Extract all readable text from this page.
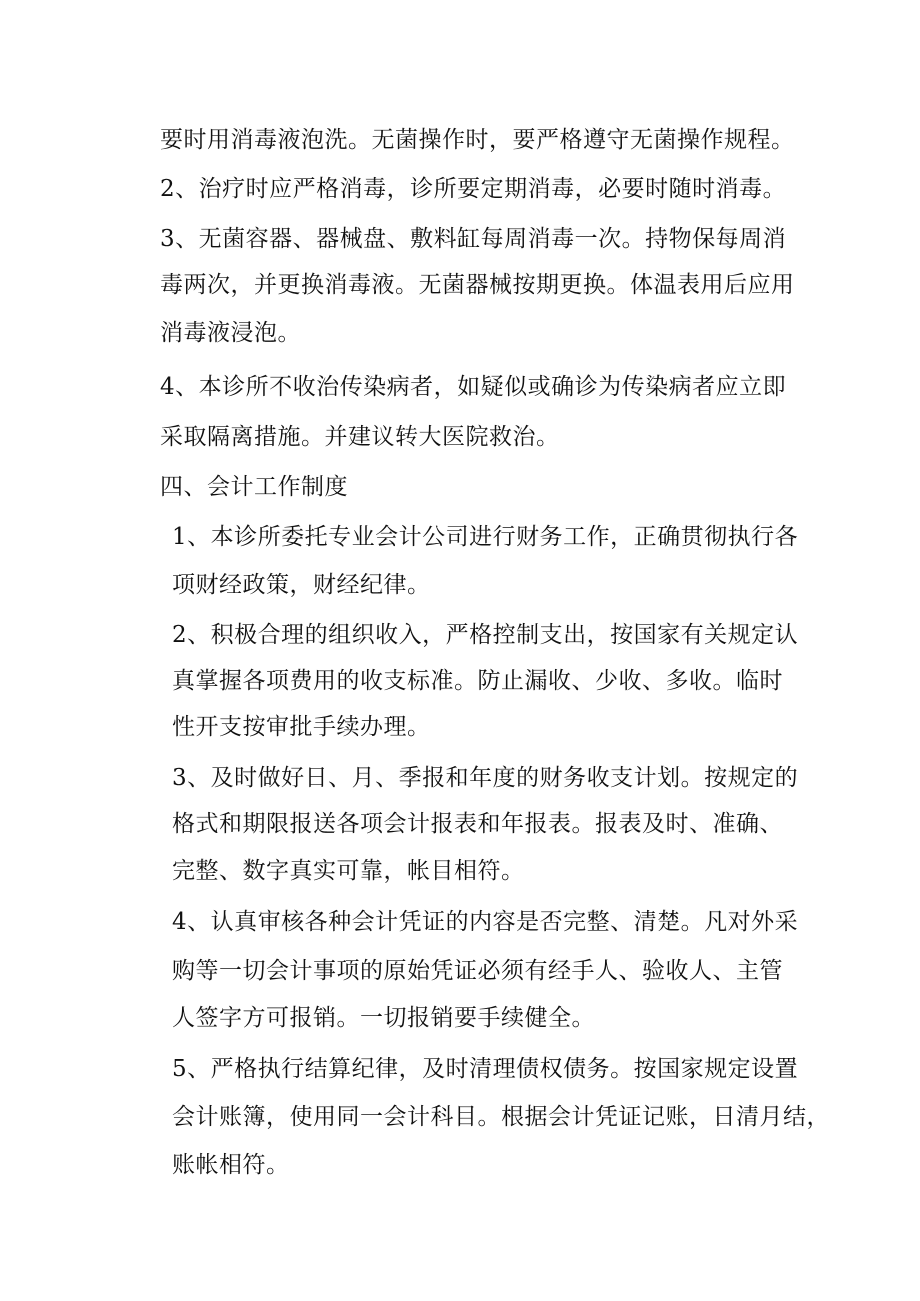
要时用消毒液泡洗。无菌操作时，要严格遵守无菌操作规程。
2、治疗时应严格消毒，诊所要定期消毒，必要时随时消毒。
3、无菌容器、器械盘、敷料缸每周消毒一次。持物保每周消
毒两次，并更换消毒液。无菌器械按期更换。体温表用后应用
消毒液浸泡。
4、本诊所不收治传染病者，如疑似或确诊为传染病者应立即
采取隔离措施。并建议转大医院救治。
四、会计工作制度
1、本诊所委托专业会计公司进行财务工作，正确贯彻执行各
项财经政策，财经纪律。
2、积极合理的组织收入，严格控制支出，按国家有关规定认
真掌握各项费用的收支标准。防止漏收、少收、多收。临时
性开支按审批手续办理。
3、及时做好日、月、季报和年度的财务收支计划。按规定的
格式和期限报送各项会计报表和年报表。报表及时、准确、
完整、数字真实可靠，帐目相符。
4、认真审核各种会计凭证的内容是否完整、清楚。凡对外采
购等一切会计事项的原始凭证必须有经手人、验收人、主管
人签字方可报销。一切报销要手续健全。
5、严格执行结算纪律，及时清理债权债务。按国家规定设置
会计账簿，使用同一会计科目。根据会计凭证记账，日清月结，
账帐相符。
